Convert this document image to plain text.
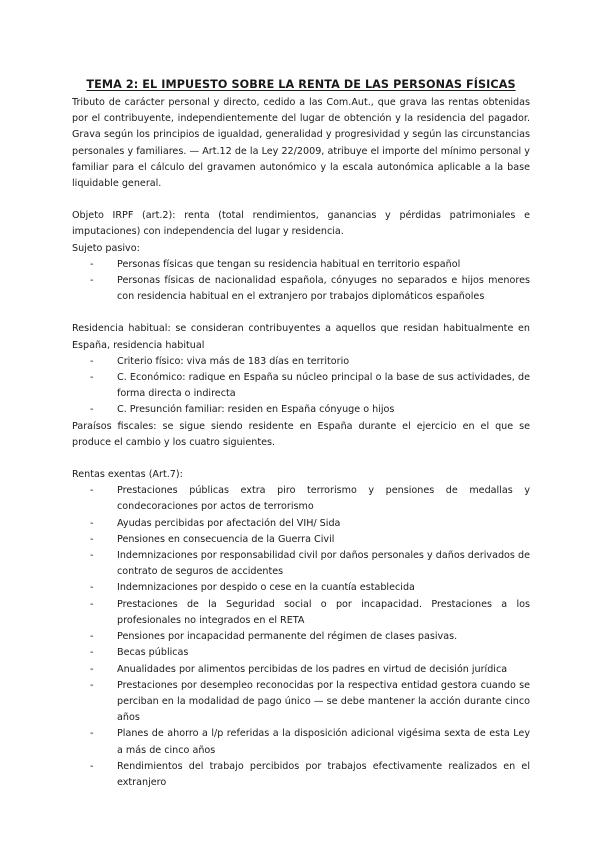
TEMA 2: EL IMPUESTO SOBRE LA RENTA DE LAS PERSONAS FÍSICAS

Tributo de carácter personal y directo, cedido a las Com.Aut., que grava las rentas obtenidas por el contribuyente, independientemente del lugar de obtención y la residencia del pagador. Grava según los principios de igualdad, generalidad y progresividad y según las circunstancias personales y familiares. — Art.12 de la Ley 22/2009, atribuye el importe del mínimo personal y familiar para el cálculo del gravamen autonómico y la escala autonómica aplicable a la base liquidable general.

Objeto IRPF (art.2): renta (total rendimientos, ganancias y pérdidas patrimoniales e imputaciones) con independencia del lugar y residencia.

Sujeto pasivo:

- Personas físicas que tengan su residencia habitual en territorio español
- Personas físicas de nacionalidad española, cónyuges no separados e hijos menores con residencia habitual en el extranjero por trabajos diplomáticos españoles

Residencia habitual: se consideran contribuyentes a aquellos que residan habitualmente en España, residencia habitual

- Criterio físico: viva más de 183 días en territorio
- C. Económico: radique en España su núcleo principal o la base de sus actividades, de forma directa o indirecta
- C. Presunción familiar: residen en España cónyuge o hijos

Paraísos fiscales: se sigue siendo residente en España durante el ejercicio en el que se produce el cambio y los cuatro siguientes.

Rentas exentas (Art.7):

- Prestaciones públicas extra piro terrorismo y pensiones de medallas y condecoraciones por actos de terrorismo
- Ayudas percibidas por afectación del VIH/ Sida
- Pensiones en consecuencia de la Guerra Civil
- Indemnizaciones por responsabilidad civil por daños personales y daños derivados de contrato de seguros de accidentes
- Indemnizaciones por despido o cese en la cuantía establecida
- Prestaciones de la Seguridad social o por incapacidad. Prestaciones a los profesionales no integrados en el RETA
- Pensiones por incapacidad permanente del régimen de clases pasivas.
- Becas públicas
- Anualidades por alimentos percibidas de los padres en virtud de decisión jurídica
- Prestaciones por desempleo reconocidas por la respectiva entidad gestora cuando se perciban en la modalidad de pago único — se debe mantener la acción durante cinco años
- Planes de ahorro a l/p referidas a la disposición adicional vigésima sexta de esta Ley a más de cinco años
- Rendimientos del trabajo percibidos por trabajos efectivamente realizados en el extranjero
